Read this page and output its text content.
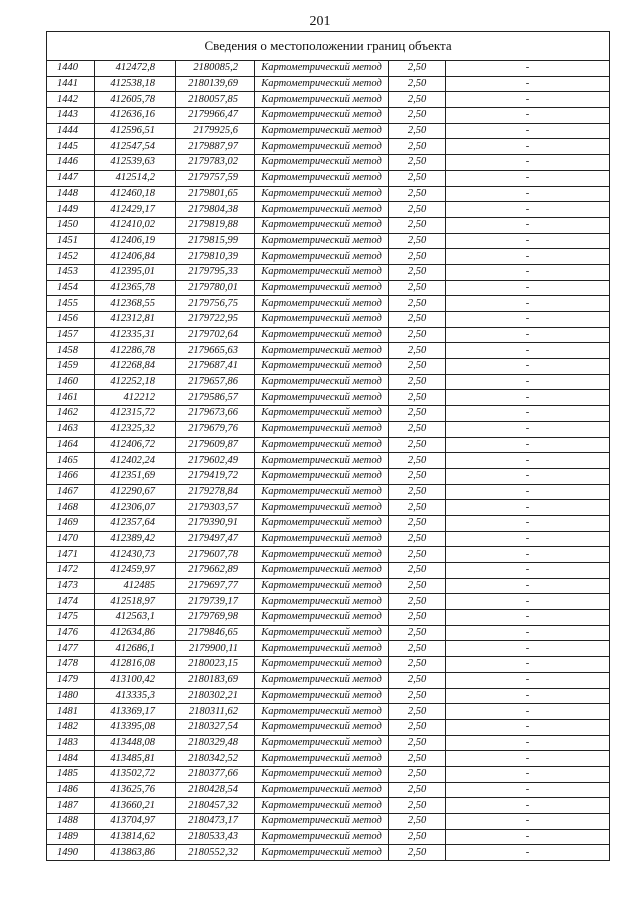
201
Сведения о местоположении границ объекта					
1440	412472,8	2180085,2	Картометрический метод	2,50	-
1441	412538,18	2180139,69	Картометрический метод	2,50	-
1442	412605,78	2180057,85	Картометрический метод	2,50	-
1443	412636,16	2179966,47	Картометрический метод	2,50	-
1444	412596,51	2179925,6	Картометрический метод	2,50	-
1445	412547,54	2179887,97	Картометрический метод	2,50	-
1446	412539,63	2179783,02	Картометрический метод	2,50	-
1447	412514,2	2179757,59	Картометрический метод	2,50	-
1448	412460,18	2179801,65	Картометрический метод	2,50	-
1449	412429,17	2179804,38	Картометрический метод	2,50	-
1450	412410,02	2179819,88	Картометрический метод	2,50	-
1451	412406,19	2179815,99	Картометрический метод	2,50	-
1452	412406,84	2179810,39	Картометрический метод	2,50	-
1453	412395,01	2179795,33	Картометрический метод	2,50	-
1454	412365,78	2179780,01	Картометрический метод	2,50	-
1455	412368,55	2179756,75	Картометрический метод	2,50	-
1456	412312,81	2179722,95	Картометрический метод	2,50	-
1457	412335,31	2179702,64	Картометрический метод	2,50	-
1458	412286,78	2179665,63	Картометрический метод	2,50	-
1459	412268,84	2179687,41	Картометрический метод	2,50	-
1460	412252,18	2179657,86	Картометрический метод	2,50	-
1461	412212	2179586,57	Картометрический метод	2,50	-
1462	412315,72	2179673,66	Картометрический метод	2,50	-
1463	412325,32	2179679,76	Картометрический метод	2,50	-
1464	412406,72	2179609,87	Картометрический метод	2,50	-
1465	412402,24	2179602,49	Картометрический метод	2,50	-
1466	412351,69	2179419,72	Картометрический метод	2,50	-
1467	412290,67	2179278,84	Картометрический метод	2,50	-
1468	412306,07	2179303,57	Картометрический метод	2,50	-
1469	412357,64	2179390,91	Картометрический метод	2,50	-
1470	412389,42	2179497,47	Картометрический метод	2,50	-
1471	412430,73	2179607,78	Картометрический метод	2,50	-
1472	412459,97	2179662,89	Картометрический метод	2,50	-
1473	412485	2179697,77	Картометрический метод	2,50	-
1474	412518,97	2179739,17	Картометрический метод	2,50	-
1475	412563,1	2179769,98	Картометрический метод	2,50	-
1476	412634,86	2179846,65	Картометрический метод	2,50	-
1477	412686,1	2179900,11	Картометрический метод	2,50	-
1478	412816,08	2180023,15	Картометрический метод	2,50	-
1479	413100,42	2180183,69	Картометрический метод	2,50	-
1480	413335,3	2180302,21	Картометрический метод	2,50	-
1481	413369,17	2180311,62	Картометрический метод	2,50	-
1482	413395,08	2180327,54	Картометрический метод	2,50	-
1483	413448,08	2180329,48	Картометрический метод	2,50	-
1484	413485,81	2180342,52	Картометрический метод	2,50	-
1485	413502,72	2180377,66	Картометрический метод	2,50	-
1486	413625,76	2180428,54	Картометрический метод	2,50	-
1487	413660,21	2180457,32	Картометрический метод	2,50	-
1488	413704,97	2180473,17	Картометрический метод	2,50	-
1489	413814,62	2180533,43	Картометрический метод	2,50	-
1490	413863,86	2180552,32	Картометрический метод	2,50	-
